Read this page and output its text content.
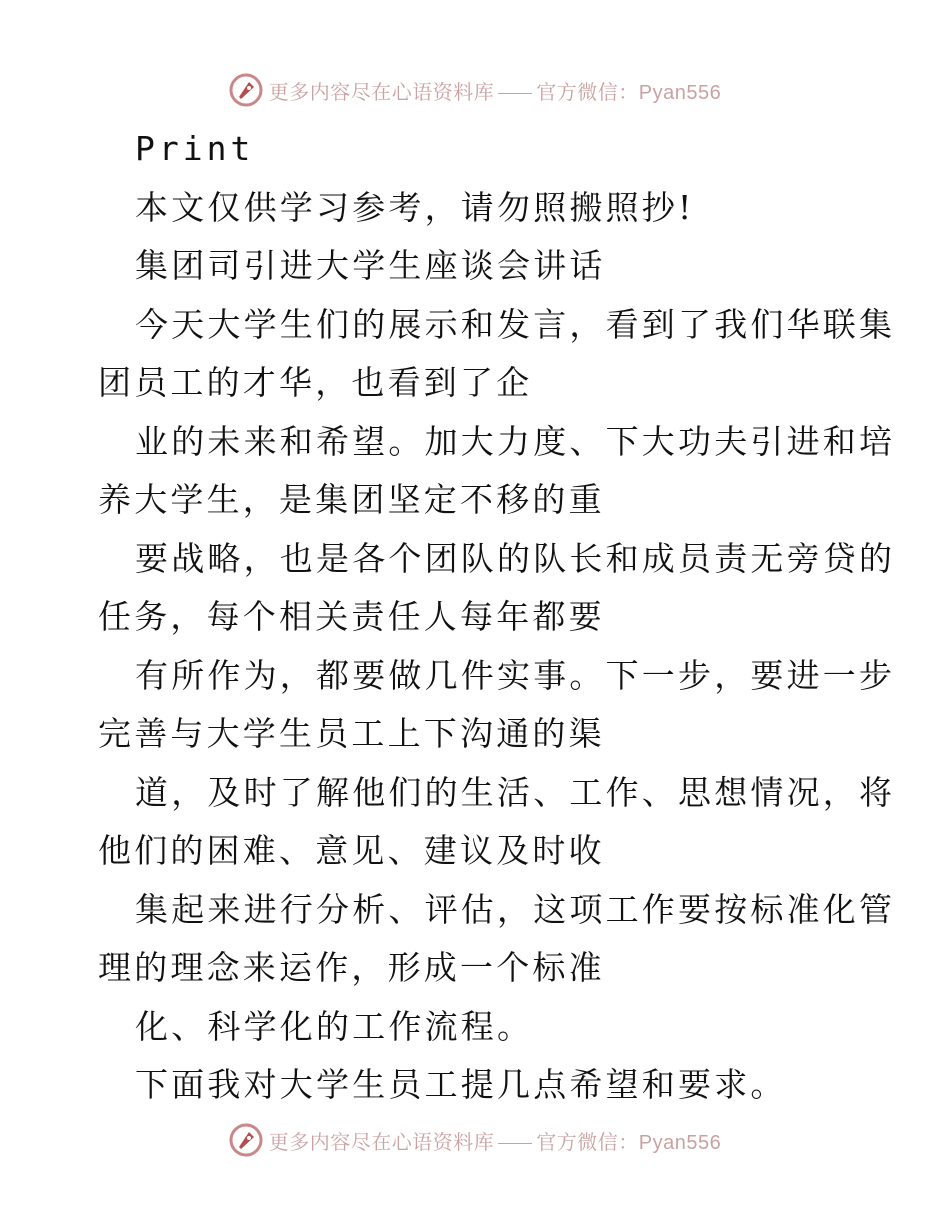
更多内容尽在心语资料库 官方微信：Pyan556
Print
本文仅供学习参考，请勿照搬照抄!
集团司引进大学生座谈会讲话
今天大学生们的展示和发言，看到了我们华联集
团员工的才华，也看到了企
业的未来和希望。加大力度、下大功夫引进和培
养大学生，是集团坚定不移的重
要战略，也是各个团队的队长和成员责无旁贷的
任务，每个相关责任人每年都要
有所作为，都要做几件实事。下一步，要进一步
完善与大学生员工上下沟通的渠
道，及时了解他们的生活、工作、思想情况，将
他们的困难、意见、建议及时收
集起来进行分析、评估，这项工作要按标准化管
理的理念来运作，形成一个标准
化、科学化的工作流程。
下面我对大学生员工提几点希望和要求。
更多内容尽在心语资料库 官方微信：Pyan556
